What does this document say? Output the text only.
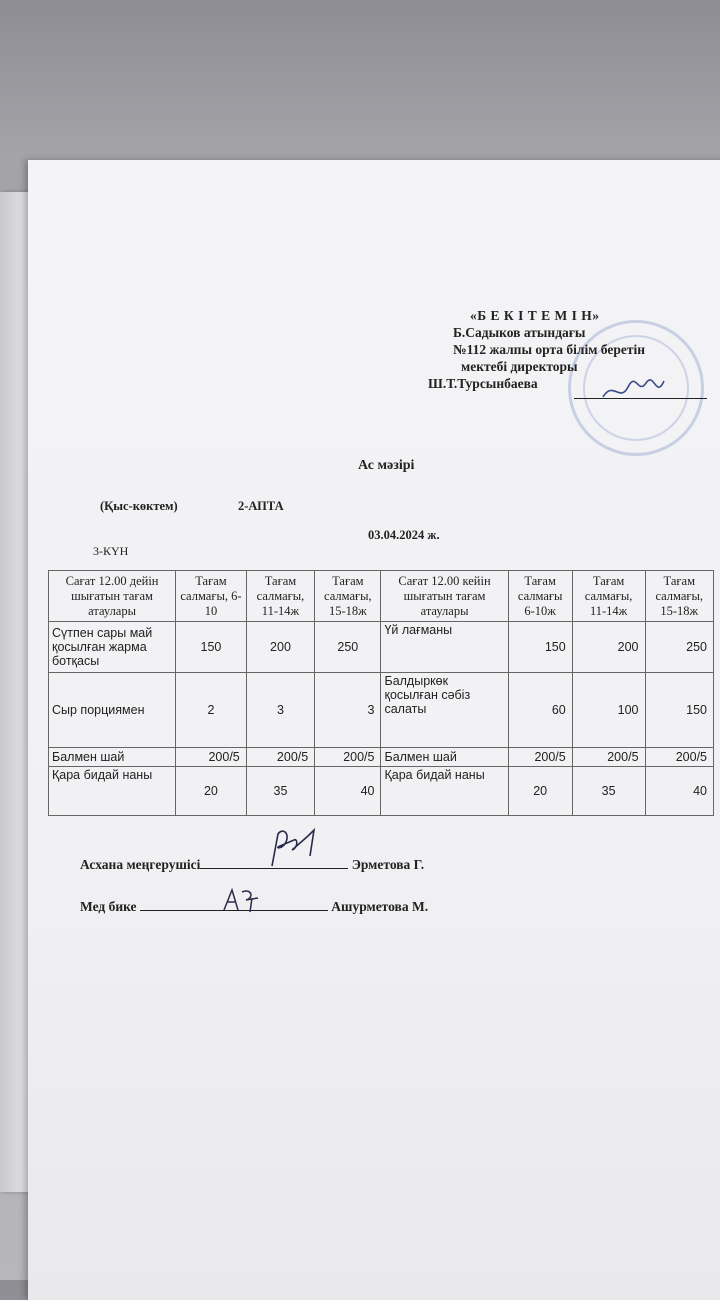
«Б Е К І Т Е М І Н»
Б.Садыков атындағы
№112 жалпы орта білім беретін
мектебі директоры
Ш.Т.Турсынбаева
Ас мәзірі
(Қыс-көктем)	2-АПТА
03.04.2024 ж.
3-КҮН
Сағат 12.00 дейін шығатын тағам атаулары	Тағам салмағы, 6-10	Тағам салмағы, 11-14ж	Тағам салмағы, 15-18ж	Сағат 12.00 кейін шығатын тағам атаулары	Тағам салмағы 6-10ж	Тағам салмағы, 11-14ж	Тағам салмағы, 15-18ж
Сүтпен сары май қосылған жарма ботқасы	150	200	250	Үй лағманы	150	200	250
Сыр порциямен	2	3	3	Балдыркөк қосылған сәбіз салаты	60	100	150
Балмен шай	200/5	200/5	200/5	Балмен шай	200/5	200/5	200/5
Қара бидай наны	20	35	40	Қара бидай наны	20	35	40
Асхана меңгерушісі	Эрметова Г.
Мед бике	Ашурметова М.
